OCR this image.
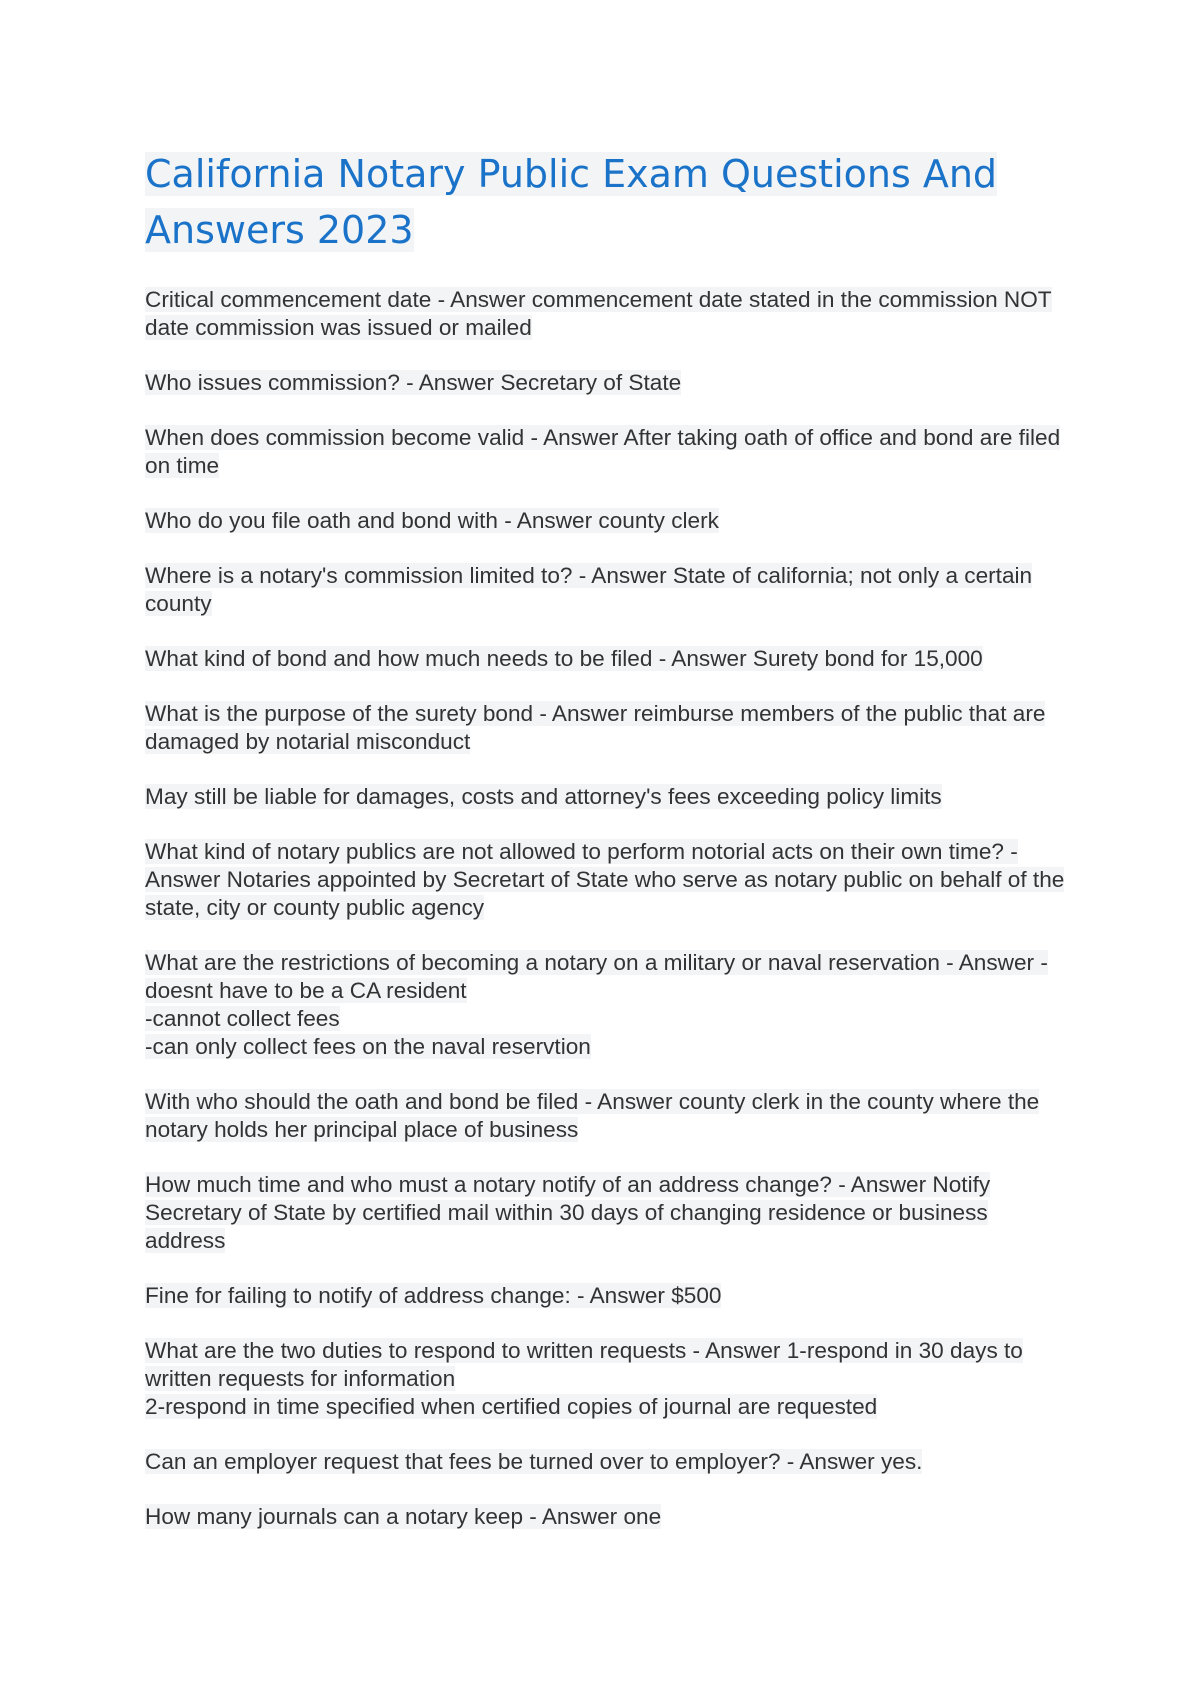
California Notary Public Exam Questions And Answers 2023

Critical commencement date - Answer commencement date stated in the commission NOT date commission was issued or mailed

Who issues commission? - Answer Secretary of State

When does commission become valid - Answer After taking oath of office and bond are filed on time

Who do you file oath and bond with - Answer county clerk

Where is a notary's commission limited to? - Answer State of california; not only a certain county

What kind of bond and how much needs to be filed - Answer Surety bond for 15,000

What is the purpose of the surety bond - Answer reimburse members of the public that are damaged by notarial misconduct

May still be liable for damages, costs and attorney's fees exceeding policy limits

What kind of notary publics are not allowed to perform notorial acts on their own time? - Answer Notaries appointed by Secretart of State who serve as notary public on behalf of the state, city or county public agency

What are the restrictions of becoming a notary on a military or naval reservation - Answer -doesnt have to be a CA resident
-cannot collect fees
-can only collect fees on the naval reservtion

With who should the oath and bond be filed - Answer county clerk in the county where the notary holds her principal place of business

How much time and who must a notary notify of an address change? - Answer Notify Secretary of State by certified mail within 30 days of changing residence or business address

Fine for failing to notify of address change: - Answer $500

What are the two duties to respond to written requests - Answer 1-respond in 30 days to written requests for information
2-respond in time specified when certified copies of journal are requested

Can an employer request that fees be turned over to employer? - Answer yes.

How many journals can a notary keep - Answer one
